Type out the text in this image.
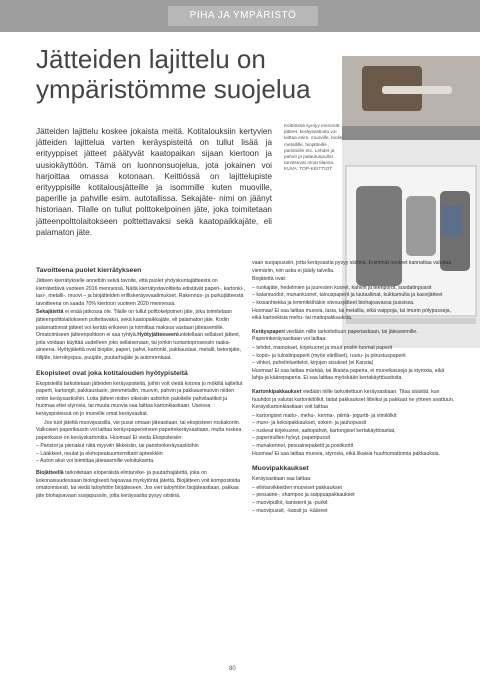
PIHA JA YMPÄRISTÖ
Jätteiden lajittelu on ympäristömme suojelua
Jätteiden lajittelu koskee jokaista meitä. Kotitalouksiin kertyvien jätteiden lajittelua varten keräyspisteitä on tullut lisää ja erityyppiset jätteet päätyvät kaatopaikan sijaan kiertoon ja uusiokäyttöön. Tämä on luonnonsuojelua, jota jokainen voi harjoittaa omassa kotonaan. Keittiössä on lajittelupiste erityyppisille kotitalousjätteille ja isommille kuten muoville, paperille ja pahville esim. autotallissa. Sekajäte- nimi on jäänyt historiaan. Tilalle on tullut polttokelpoinen jäte, joka toimitetaan jätteenpolttolaitokseen polttettavaksi sekä kaatopaikkajäte, eli palamaton jäte.
Keittiössä syntyy enimmät jätteet, keräysastioita voi laittaa esim. muoville, biolle, metallille, biojätteille , paristoille etc. Lehdet ja pahvit ja palautuspullot tarvitsevat omat tilansa. KUVA: TOP-KEITTIOT
Tavoitteena puolet kierrätykseen

Jätteen kierrätykselle annettiin selvä tavoite, että puolet yhdyskuntajätteestä on kierrätettävä vuoteen 2016 mennessä. Näitä kierrätystavoitteita edistävät paperi-, kartonki-, lasi-, metalli-, muovi – ja biojätteiden erilliskeräysvaatimukset. Rakennus- ja purkujätteestä tavoitteena on saada 70% kiertoon vuoteen 2020 mennessä.

Sekajätettä ei enää jatkossa ole. Tilalle on tullut polttokelpoinen jäte, joka toimitetaan jätteenpolttolaitokseen poltettavaksi, sekä kaatopaikkajäte, eli palamaton jäte. Kodin palamattomat jätteet voi kerätä erikseen ja toimittaa maksua vastaan jäteasemille. Omatoimiseen jätteenpolttoon ei saa ryhtyä.Hyötyjätteeseenluokitellaan sellaiset jätteet, joita voidaan käyttää uudelleen joko sellaisenaan, tai jonkin tuotantoprosessin raaka-aineena. Hyötyjätettä ovat biojäte, paperi, pahvi, kartonki, pakkauslasi, metalli, betonijäte, tiilijäte, kierrätyspuu, puujäte, puutarhajäte ja autonrenkaat.

Ekopisteet ovat joka kotitalouden hyötypisteitä

Ekopisteillä tarkoitetaan jätteiden keräyspisteitä, joihin voit viedä kotona jo mökillä lajitellut paperit, kartongit, pakkauslasin, pienmetallin, muovin, pahvin ja pakkausmuovin niiden omiin keräysastioihin. Loita jätteet niiden oikeisiin astioihin paloitelle pahvilaatikot ja huomaa ettei styroxia, tai muuta muovia saa laittaa kartonkiastiaan. Useissa keräyspisteissä on jo muoville omat keräysastiat.

Jos tuot jätettä muovipussilla, vie pussi omaan jäteastiaan, tai ekopisteen roskakoriin. Valkoisen paperikassin voi laittaa keräyspapereineen paperinkeräysastiaan, mutta ruskea paperikassi on keräyskartonkia. Huomaa! Ei vieda Ekopisteisiin:

– Paristot ja pienakut niitä myyviin liikkeisiin, tai paristonkeräysastioihin
– Lääkkeet, neulat ja elohopeakuumemittarit apteekkiin
– Auton akut voi toimittaa jäteasemille veloituksetta.

Biojätteellä tarkoitetaan eloperäistä elintarvike- ja puutarhajätettä, joka on kokonaisuudessaan biologisesti hajoavaa myrkytöntä jätettä. Biojätteen voit kompostoida omatoimisesti, tai viedä taloyhtiön biojäteseen. Jos viet taloyhtiön biojäteastiaan, pakkaa jäte biohajoavaan suojapussiin, jotta keräysastia pysyy siistinä.

vaan suojapussiin, jotta keräysastia pysyy siistinä. Enimmät nesteet kannattaa valuttaa viemäriin, niin astia ei jäädy talvella.

Biojätettä ovat:

– ruokajäte, hedelmien ja juuresten kuoret, kahvin ja teenporot, suodatinpussit
– kalanruodot, munankuoret, talouspaperit ja lautasliinat, kukkamulta ja kasvijätteet
– kissanhiekka ja lemmikkihäkin siivousjätteet biohajoavassa pussissa.

Huomaa! Ei saa laittaa muovia, lasia, tai metallia, eikä vaippoja, tai imurin pölypusseja, eikä kartonkisia mehu- tai maitopakkauksia.

Keräyspaperi viedään niille tarkoitettuun paperiastiaan, tai jäteasemille. Paperinkeräysastiaan voi laittaa:

– lehdet, mainokset, kirjekuoret ja muut postin tuomat paperit
– kopio- ja tulostinpaperit (myös värilliset), ruutu- ja piirustuspaperit
– vihkot, puhelinluettelot, kirjojen sisukset (ei Kansia)

Huomaa! Ei saa laittaa märkää, tai likaista paperia, ei muovikasseja ja styroxia, eikä lahja-ja käärepaperia. Ei saa laittaa myöskään kertakäyttöastioita.

Kartonkipakkaukset viedään niille tarkoitettuun keräysastiaan. Tilaa säästät, kun huuhdot ja valutat kartonkitölkit, taitat pakkaukset litteiksi ja pakkaat ne yhteen avattuun. Keräyskartonkiastiaan voit laittaa

– kartongiset maito-, mehu-, kerma-, piimä- jogurtti- ja viinitölkit
– muro- ja keksipakkaukset, sokeri- ja jauhopussit
– ruskeat kirjekuoret, aaltopahvit, kartongiset kertakäyttöastiat,
– paperirullien hylsyt, paperipussit
– munakennot, pesuainepaketit ja postikortit

Huomaa! Ei saa laittaa muovia, styroxia, eikä likaisia huuhtomattomia pakkauksia.

Muovipakkaukset

Keräysastiaan saa laittaa:

– elintarvikkeiden muoviset pakkaukset
– pesuaine-, shampoo ja saippuapakkaukset
– muovipullot, kanisterit ja -purkit
– muovipussit, -kassit ja -kääreet
80
